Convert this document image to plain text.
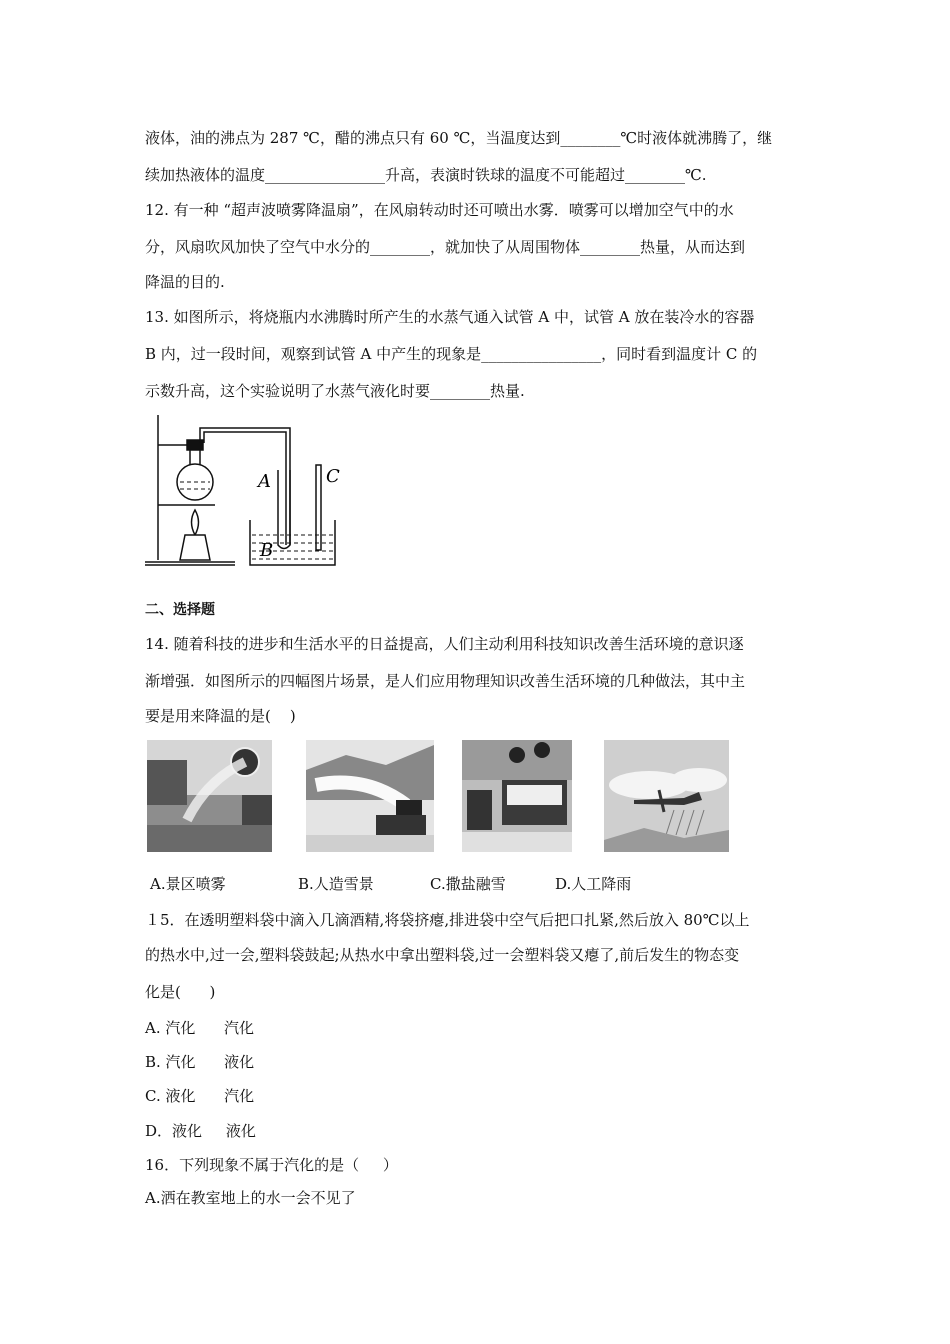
液体，油的沸点为 287 ℃，醋的沸点只有 60 ℃，当温度达到________℃时液体就沸腾了，继
续加热液体的温度________________升高，表演时铁球的温度不可能超过________℃.
12. 有一种 “超声波喷雾降温扇”，在风扇转动时还可喷出水雾．喷雾可以增加空气中的水
分，风扇吹风加快了空气中水分的________，就加快了从周围物体________热量，从而达到
降温的目的.
13. 如图所示，将烧瓶内水沸腾时所产生的水蒸气通入试管 A 中，试管 A 放在装冷水的容器
B 内，过一段时间，观察到试管 A 中产生的现象是________________，同时看到温度计 C 的
示数升高，这个实验说明了水蒸气液化时要________热量.
A
B
C
二、选择题
14. 随着科技的进步和生活水平的日益提高，人们主动利用科技知识改善生活环境的意识逐
渐增强．如图所示的四幅图片场景，是人们应用物理知识改善生活环境的几种做法，其中主
要是用来降温的是(    )
A.景区喷雾	B.人造雪景	C.撒盐融雪	D.人工降雨
１5．在透明塑料袋中滴入几滴酒精,将袋挤瘪,排进袋中空气后把口扎紧,然后放入 80℃以上
的热水中,过一会,塑料袋鼓起;从热水中拿出塑料袋,过一会塑料袋又瘪了,前后发生的物态变
化是(      )
A. 汽化      汽化
B. 汽化      液化
C. 液化      汽化
D．液化     液化
16．下列现象不属于汽化的是（     ）
A.洒在教室地上的水一会不见了
